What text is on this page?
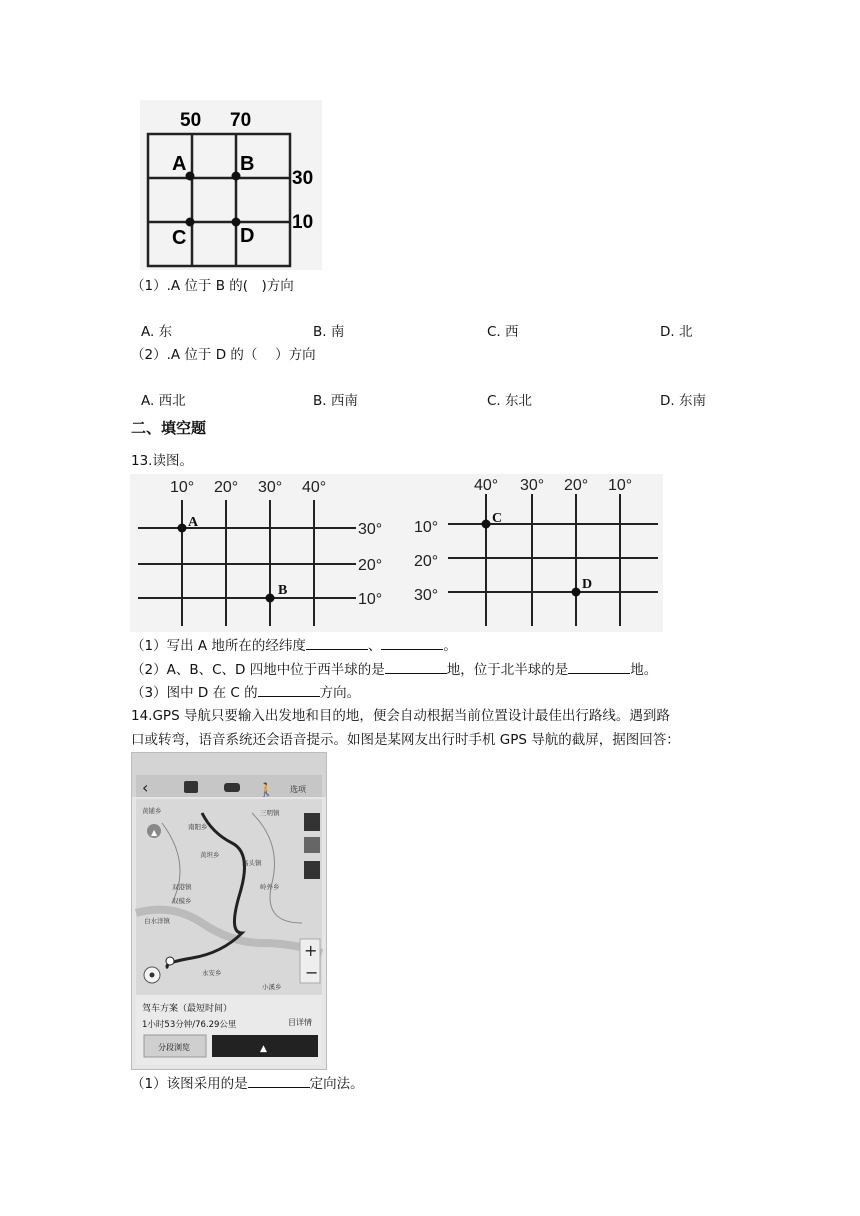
50 70
30
10
A	B
C	D
（1）.A 位于 B 的(　)方向
A. 东	B. 南	C. 西	D. 北
（2）.A 位于 D 的（　 ）方向
A. 西北	B. 西南	C. 东北	D. 东南
二、填空题
13.读图。
10° 20° 30° 40°
30°
20°
10°
40° 30° 20° 10°
10°
20°
30°
A
B
C
D
（1）写出 A 地所在的经纬度	、	。
（2）A、B、C、D 四地中位于西半球的是	地，位于北半球的是	地。
（3）图中 D 在 C 的	方向。
14.GPS 导航只要输入出发地和目的地，便会自动根据当前位置设计最佳出行路线。遇到路
口或转弯，语音系统还会语音提示。如图是某网友出行时手机 GPS 导航的截屏，据图回答：
‹	🚶 选项
▲
+
−
黄铺乡
南阳乡
三明镇
黄坦乡
高头镇
双港镇	岭外乡
双模乡
白水洋镇
永安乡
小溪乡
驾车方案（最短时间）
1小时53分钟/76.29公里	目详情
分段浏览	▲
（1）该图采用的是	定向法。
